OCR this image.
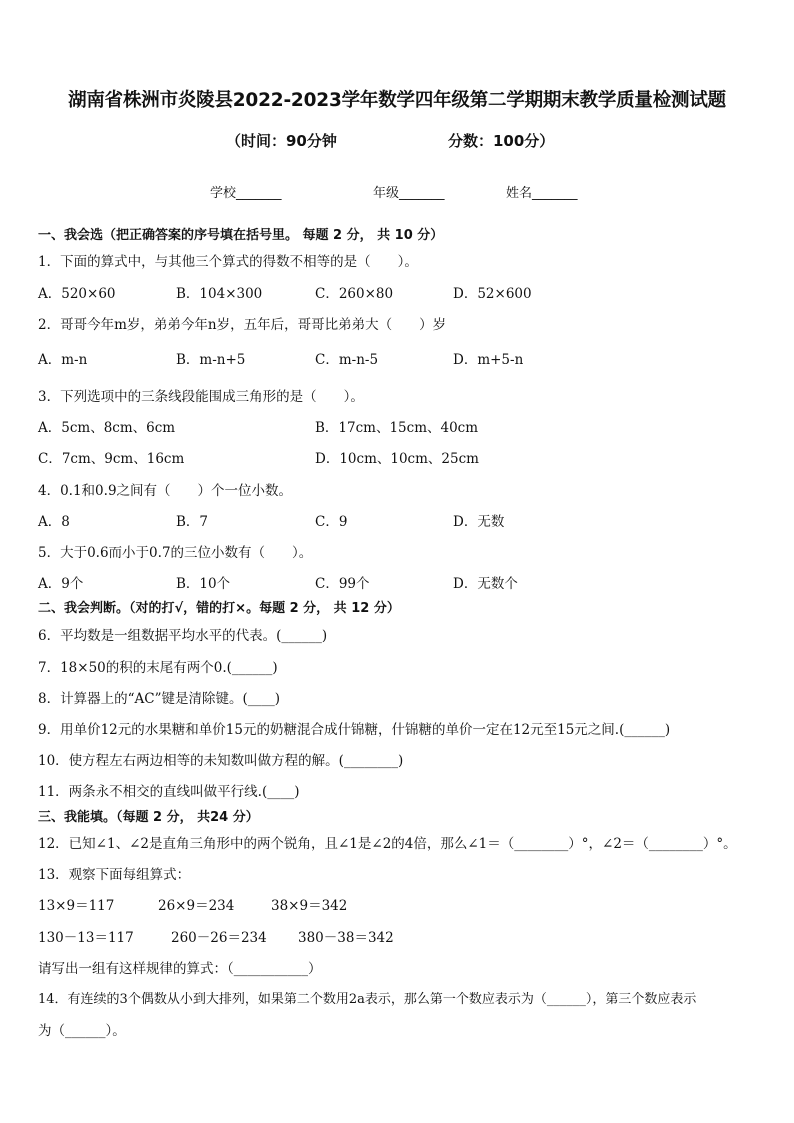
湖南省株洲市炎陵县2022-2023学年数学四年级第二学期期末教学质量检测试题
（时间：90分钟	分数：100分）
学校_______	年级_______	姓名_______
一、我会选（把正确答案的序号填在括号里。 每题 2 分， 共 10 分）
1．下面的算式中，与其他三个算式的得数不相等的是（　　）。
A．520×60	B．104×300	C．260×80	D．52×600
2．哥哥今年m岁，弟弟今年n岁，五年后，哥哥比弟弟大（　　）岁
A．m-n	B．m-n+5	C．m-n-5	D．m+5-n
3．下列选项中的三条线段能围成三角形的是（　　）。
A．5cm、8cm、6cm	B．17cm、15cm、40cm
C．7cm、9cm、16cm	D．10cm、10cm、25cm
4．0.1和0.9之间有（　　）个一位小数。
A．8	B．7	C．9	D．无数
5．大于0.6而小于0.7的三位小数有（　　）。
A．9个	B．10个	C．99个	D．无数个
二、我会判断。（对的打√，错的打×。每题 2 分， 共 12 分）
6．平均数是一组数据平均水平的代表。(______)
7．18×50的积的末尾有两个0.(______)
8．计算器上的“AC”键是清除键。(____)
9．用单价12元的水果糖和单价15元的奶糖混合成什锦糖，什锦糖的单价一定在12元至15元之间.(______)
10．使方程左右两边相等的未知数叫做方程的解。(________)
11．两条永不相交的直线叫做平行线.(____)
三、我能填。（每题 2 分， 共24 分）
12．已知∠1、∠2是直角三角形中的两个锐角，且∠1是∠2的4倍，那么∠1＝（________）°，∠2＝（________）°。
13．观察下面每组算式：
13×9＝117	26×9＝234	38×9＝342
130－13＝117	260－26＝234 380－38＝342
请写出一组有这样规律的算式：（___________）
14．有连续的3个偶数从小到大排列，如果第二个数用2a表示，那么第一个数应表示为（______），第三个数应表示
为（______）。
